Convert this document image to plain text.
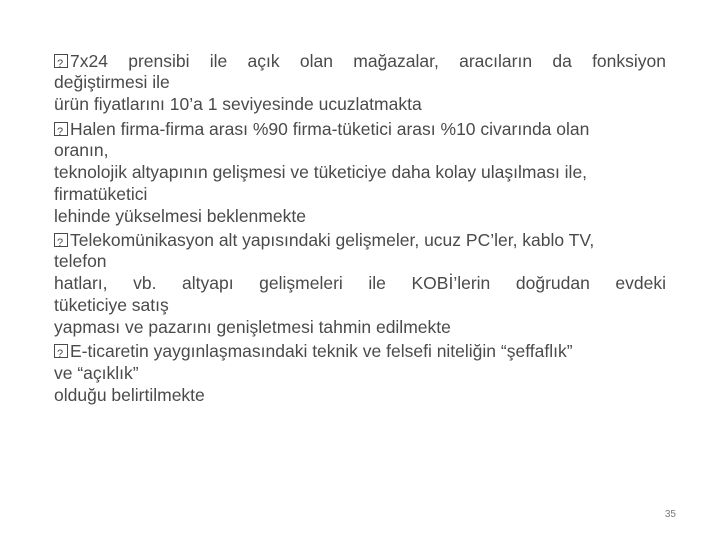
?7x24 prensibi ile açık olan mağazalar, aracıların da fonksiyon
değiştirmesi ile
ürün fiyatlarını 10’a 1 seviyesinde ucuzlatmakta
?Halen firma-firma arası %90 firma-tüketici arası %10 civarında olan
oranın,
teknolojik altyapının gelişmesi ve tüketiciye daha kolay ulaşılması ile,
firmatüketici
lehinde yükselmesi beklenmekte
?Telekomünikasyon alt yapısındaki gelişmeler, ucuz PC’ler, kablo TV,
telefon
hatları, vb. altyapı gelişmeleri ile KOBİ’lerin doğrudan evdeki
tüketiciye satış
yapması ve pazarını genişletmesi tahmin edilmekte
?E-ticaretin yaygınlaşmasındaki teknik ve felsefi niteliğin “şeffaflık”
ve “açıklık”
olduğu belirtilmekte
35
